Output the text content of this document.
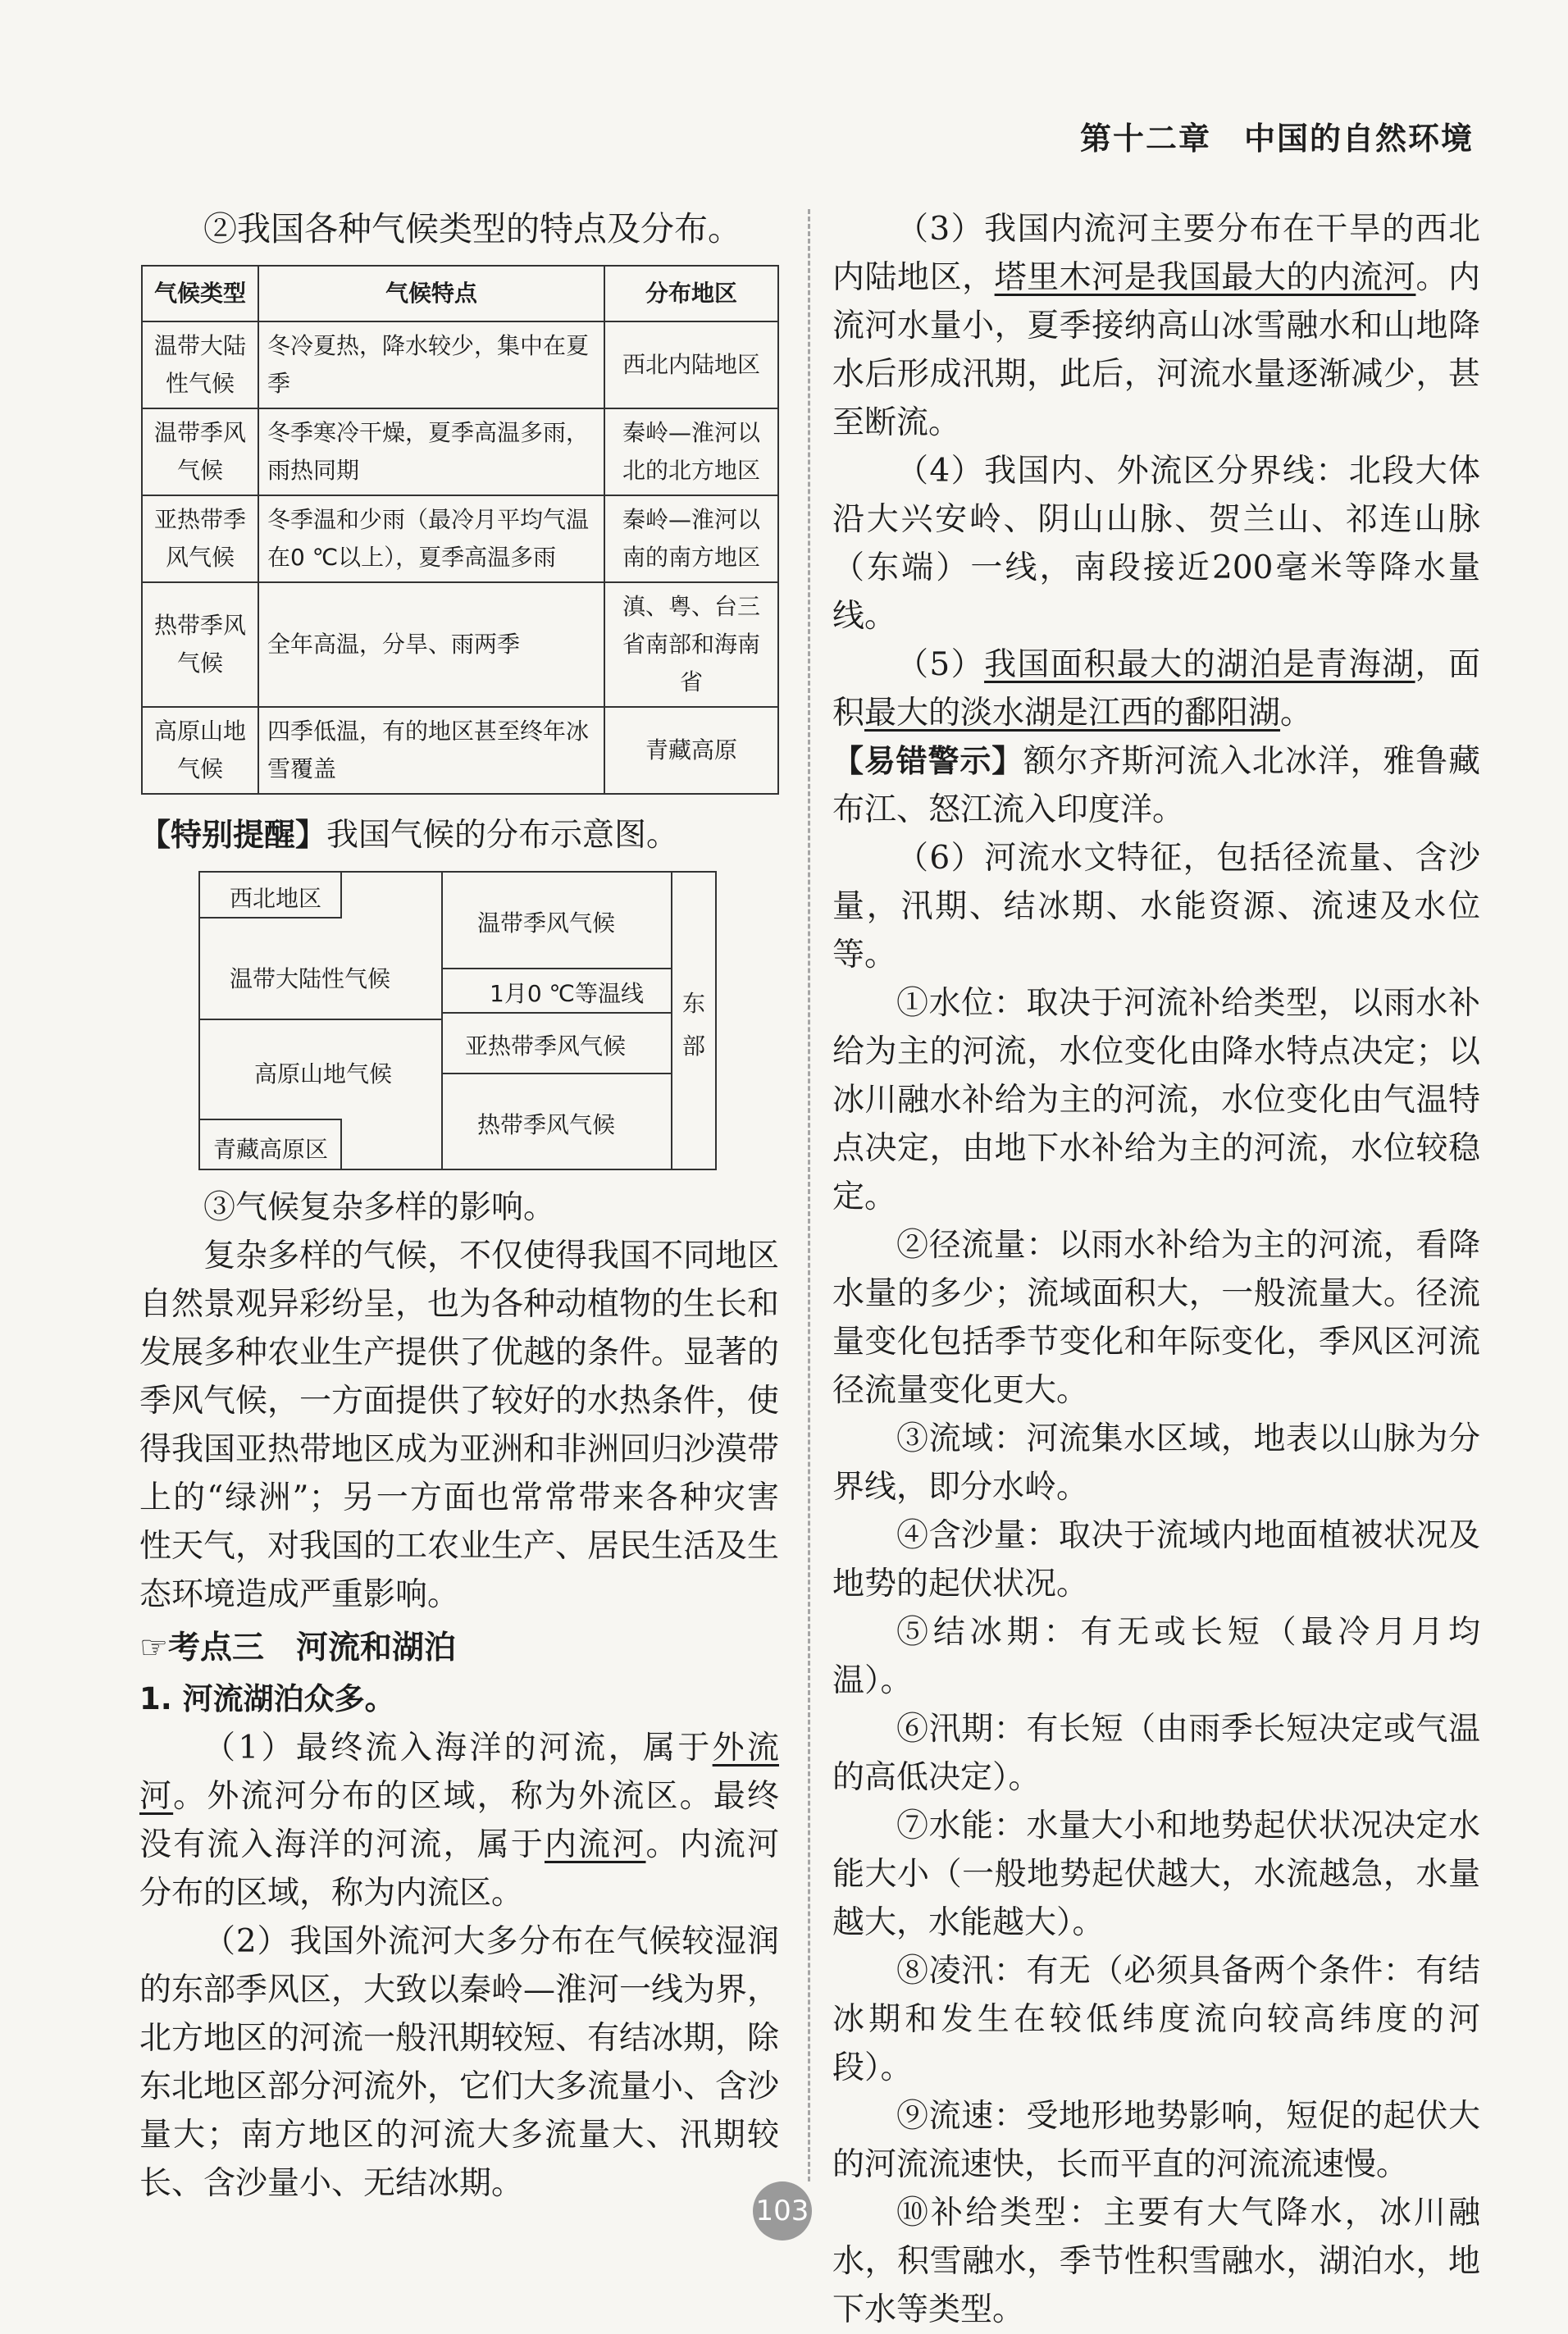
第十二章　中国的自然环境

②我国各种气候类型的特点及分布。

气候类型	气候特点	分布地区
温带大陆性气候	冬冷夏热，降水较少，集中在夏季	西北内陆地区
温带季风气候	冬季寒冷干燥，夏季高温多雨，雨热同期	秦岭—淮河以北的北方地区
亚热带季风气候	冬季温和少雨（最冷月平均气温在0 ℃以上），夏季高温多雨	秦岭—淮河以南的南方地区
热带季风气候	全年高温，分旱、雨两季	滇、粤、台三省南部和海南省
高原山地气候	四季低温，有的地区甚至终年冰雪覆盖	青藏高原

【特别提醒】我国气候的分布示意图。

西北地区
温带大陆性气候
高原山地气候
青藏高原区
温带季风气候
1月0 ℃等温线
亚热带季风气候
热带季风气候
东
部

③气候复杂多样的影响。

复杂多样的气候，不仅使得我国不同地区自然景观异彩纷呈，也为各种动植物的生长和发展多种农业生产提供了优越的条件。显著的季风气候，一方面提供了较好的水热条件，使得我国亚热带地区成为亚洲和非洲回归沙漠带上的“绿洲”；另一方面也常常带来各种灾害性天气，对我国的工农业生产、居民生活及生态环境造成严重影响。

☞考点三　河流和湖泊

1. 河流湖泊众多。

（1）最终流入海洋的河流，属于外流河。外流河分布的区域，称为外流区。最终没有流入海洋的河流，属于内流河。内流河分布的区域，称为内流区。

（2）我国外流河大多分布在气候较湿润的东部季风区，大致以秦岭—淮河一线为界，北方地区的河流一般汛期较短、有结冰期，除东北地区部分河流外，它们大多流量小、含沙量大；南方地区的河流大多流量大、汛期较长、含沙量小、无结冰期。

（3）我国内流河主要分布在干旱的西北内陆地区，塔里木河是我国最大的内流河。内流河水量小，夏季接纳高山冰雪融水和山地降水后形成汛期，此后，河流水量逐渐减少，甚至断流。

（4）我国内、外流区分界线：北段大体沿大兴安岭、阴山山脉、贺兰山、祁连山脉（东端）一线，南段接近200毫米等降水量线。

（5）我国面积最大的湖泊是青海湖，面积最大的淡水湖是江西的鄱阳湖。

【易错警示】额尔齐斯河流入北冰洋，雅鲁藏布江、怒江流入印度洋。

（6）河流水文特征，包括径流量、含沙量，汛期、结冰期、水能资源、流速及水位等。

①水位：取决于河流补给类型，以雨水补给为主的河流，水位变化由降水特点决定；以冰川融水补给为主的河流，水位变化由气温特点决定，由地下水补给为主的河流，水位较稳定。

②径流量：以雨水补给为主的河流，看降水量的多少；流域面积大，一般流量大。径流量变化包括季节变化和年际变化，季风区河流径流量变化更大。

③流域：河流集水区域，地表以山脉为分界线，即分水岭。

④含沙量：取决于流域内地面植被状况及地势的起伏状况。

⑤结冰期：有无或长短（最冷月月均温）。

⑥汛期：有长短（由雨季长短决定或气温的高低决定）。

⑦水能：水量大小和地势起伏状况决定水能大小（一般地势起伏越大，水流越急，水量越大，水能越大）。

⑧凌汛：有无（必须具备两个条件：有结冰期和发生在较低纬度流向较高纬度的河段）。

⑨流速：受地形地势影响，短促的起伏大的河流流速快，长而平直的河流流速慢。

⑩补给类型：主要有大气降水，冰川融水，积雪融水，季节性积雪融水，湖泊水，地下水等类型。

103
